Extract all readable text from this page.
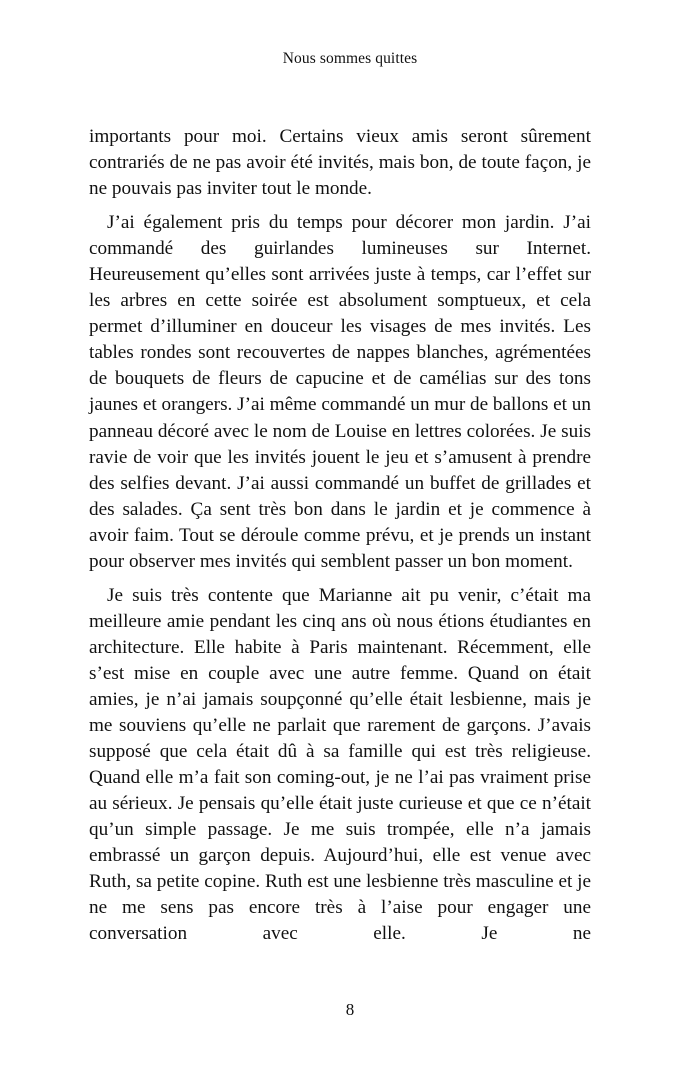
Nous sommes quittes

importants pour moi. Certains vieux amis seront sûrement contrariés de ne pas avoir été invités, mais bon, de toute façon, je ne pouvais pas inviter tout le monde.

J’ai également pris du temps pour décorer mon jardin. J’ai commandé des guirlandes lumineuses sur Internet. Heureusement qu’elles sont arrivées juste à temps, car l’effet sur les arbres en cette soirée est absolument somptueux, et cela permet d’illuminer en douceur les visages de mes invités. Les tables rondes sont recouvertes de nappes blanches, agrémentées de bouquets de fleurs de capucine et de camélias sur des tons jaunes et orangers. J’ai même commandé un mur de ballons et un panneau décoré avec le nom de Louise en lettres colorées. Je suis ravie de voir que les invités jouent le jeu et s’amusent à prendre des selfies devant. J’ai aussi commandé un buffet de grillades et des salades. Ça sent très bon dans le jardin et je commence à avoir faim. Tout se déroule comme prévu, et je prends un instant pour observer mes invités qui semblent passer un bon moment.

Je suis très contente que Marianne ait pu venir, c’était ma meilleure amie pendant les cinq ans où nous étions étudiantes en architecture. Elle habite à Paris maintenant. Récemment, elle s’est mise en couple avec une autre femme. Quand on était amies, je n’ai jamais soupçonné qu’elle était lesbienne, mais je me souviens qu’elle ne parlait que rarement de garçons. J’avais supposé que cela était dû à sa famille qui est très religieuse. Quand elle m’a fait son coming-out, je ne l’ai pas vraiment prise au sérieux. Je pensais qu’elle était juste curieuse et que ce n’était qu’un simple passage. Je me suis trompée, elle n’a jamais embrassé un garçon depuis. Aujourd’hui, elle est venue avec Ruth, sa petite copine. Ruth est une lesbienne très masculine et je ne me sens pas encore très à l’aise pour engager une conversation avec elle. Je ne

8
